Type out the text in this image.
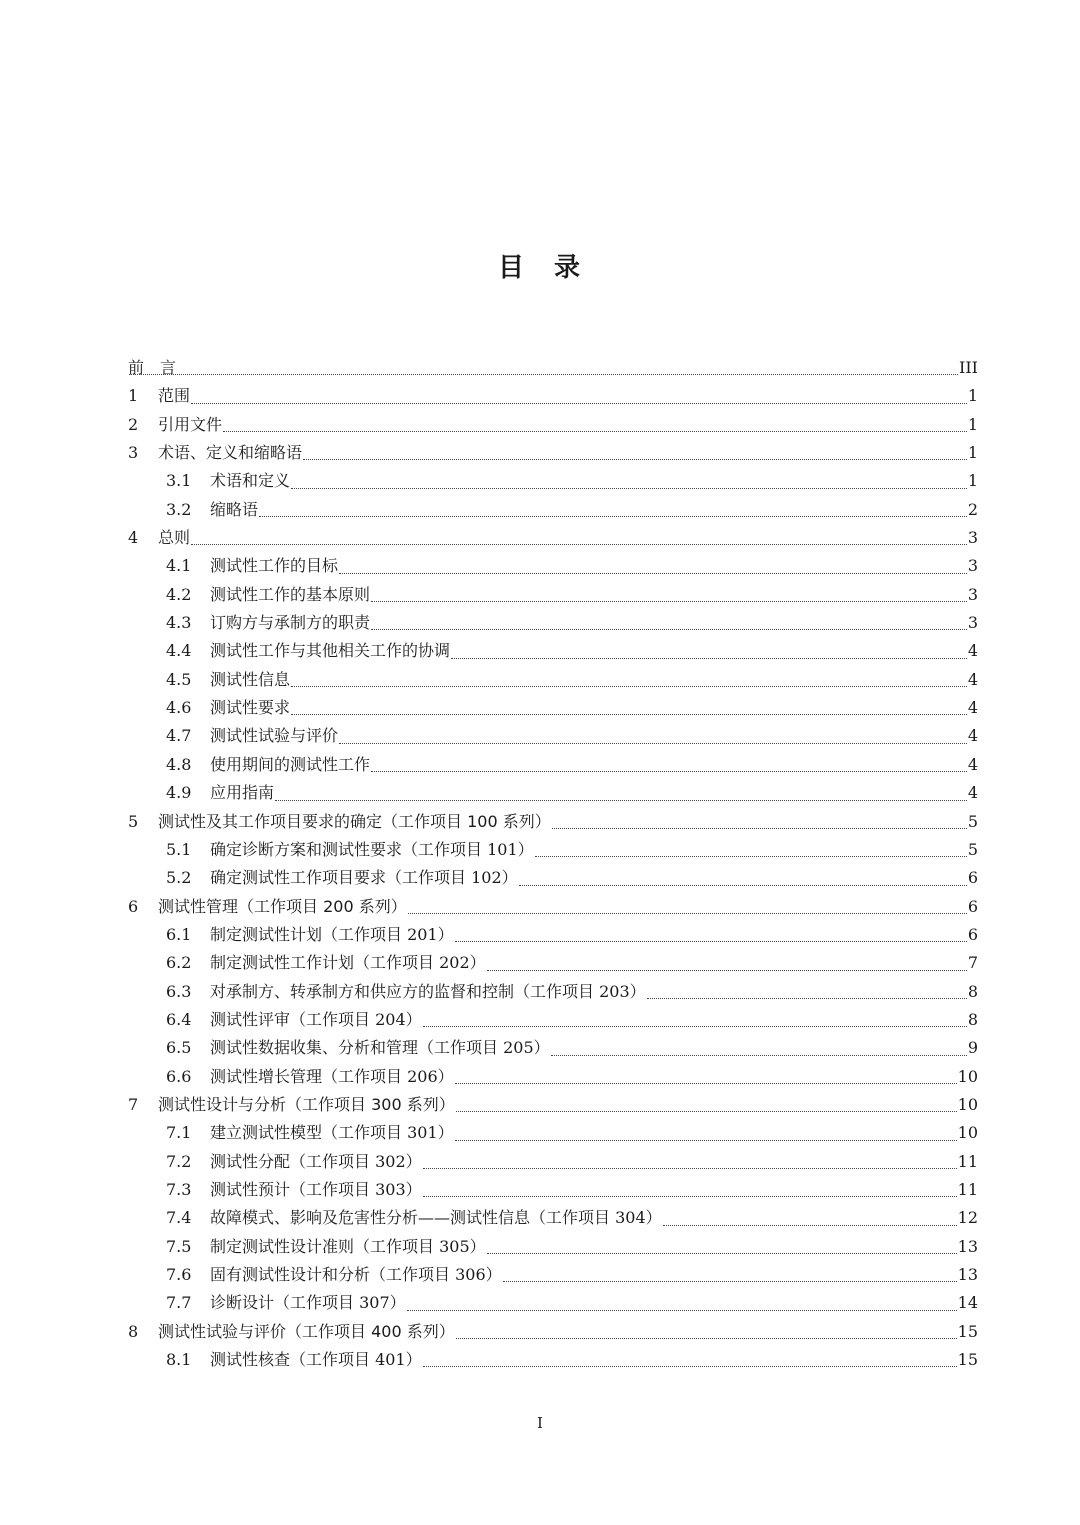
目　录
前　言	III
1	范围	1
2	引用文件	1
3	术语、定义和缩略语	1
3.1	术语和定义	1
3.2	缩略语	2
4	总则	3
4.1	测试性工作的目标	3
4.2	测试性工作的基本原则	3
4.3	订购方与承制方的职责	3
4.4	测试性工作与其他相关工作的协调	4
4.5	测试性信息	4
4.6	测试性要求	4
4.7	测试性试验与评价	4
4.8	使用期间的测试性工作	4
4.9	应用指南	4
5	测试性及其工作项目要求的确定（工作项目 100 系列）	5
5.1	确定诊断方案和测试性要求（工作项目 101）	5
5.2	确定测试性工作项目要求（工作项目 102）	6
6	测试性管理（工作项目 200 系列）	6
6.1	制定测试性计划（工作项目 201）	6
6.2	制定测试性工作计划（工作项目 202）	7
6.3	对承制方、转承制方和供应方的监督和控制（工作项目 203）	8
6.4	测试性评审（工作项目 204）	8
6.5	测试性数据收集、分析和管理（工作项目 205）	9
6.6	测试性增长管理（工作项目 206）	10
7	测试性设计与分析（工作项目 300 系列）	10
7.1	建立测试性模型（工作项目 301）	10
7.2	测试性分配（工作项目 302）	11
7.3	测试性预计（工作项目 303）	11
7.4	故障模式、影响及危害性分析——测试性信息（工作项目 304）	12
7.5	制定测试性设计准则（工作项目 305）	13
7.6	固有测试性设计和分析（工作项目 306）	13
7.7	诊断设计（工作项目 307）	14
8	测试性试验与评价（工作项目 400 系列）	15
8.1	测试性核查（工作项目 401）	15
I
